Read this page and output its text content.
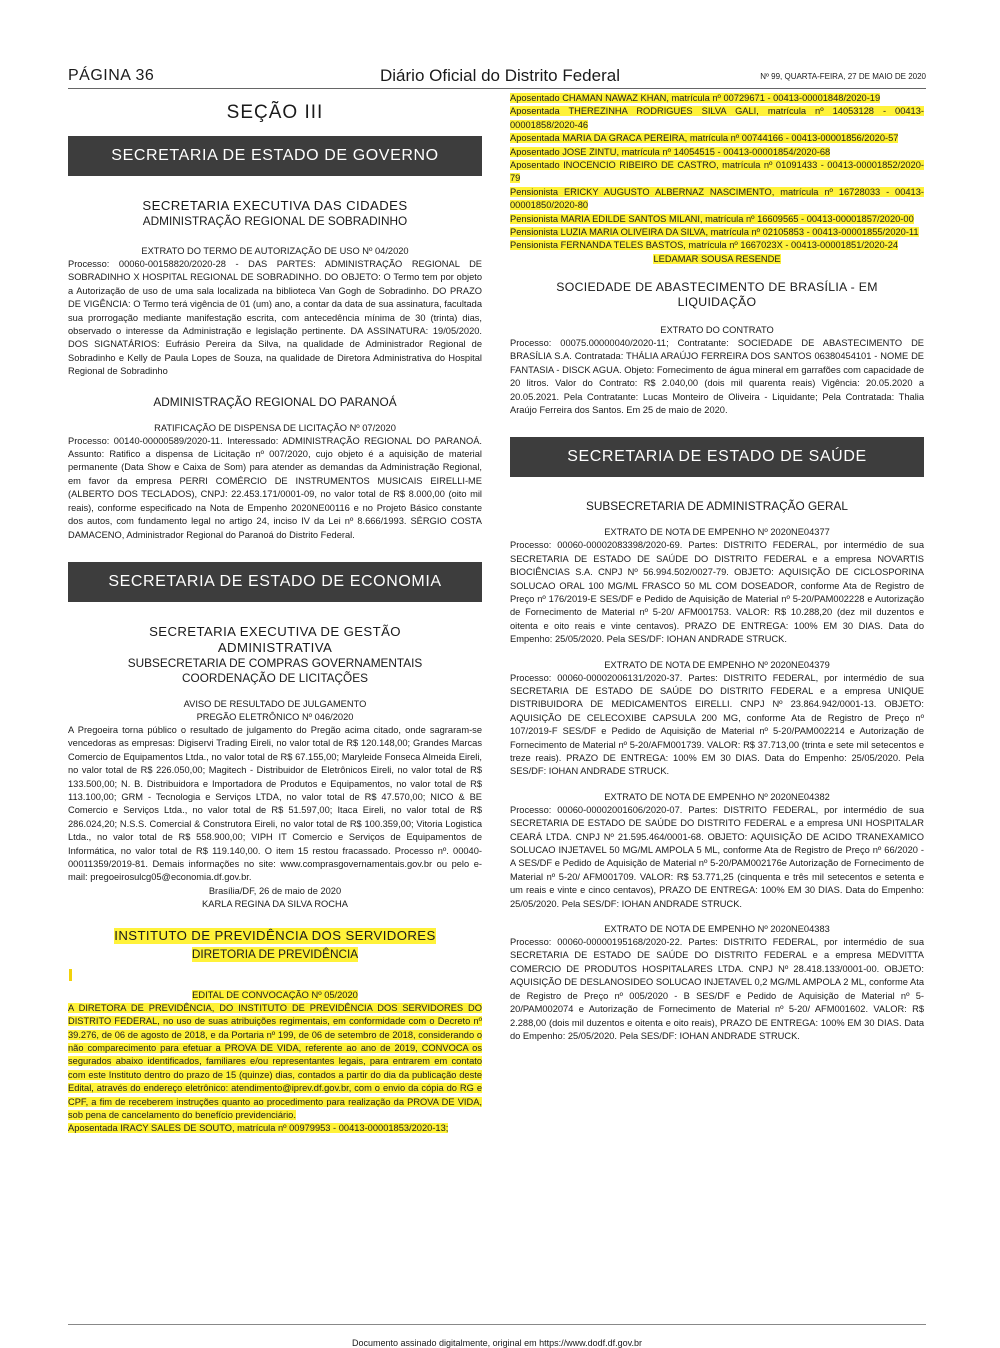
PÁGINA 36	Diário Oficial do Distrito Federal	Nº 99, QUARTA-FEIRA, 27 DE MAIO DE 2020
SEÇÃO III
SECRETARIA DE ESTADO DE GOVERNO

SECRETARIA EXECUTIVA DAS CIDADES

ADMINISTRAÇÃO REGIONAL DE SOBRADINHO

EXTRATO DO TERMO DE AUTORIZAÇÃO DE USO Nº 04/2020

Processo: 00060-00158820/2020-28 - DAS PARTES: ADMINISTRAÇÃO REGIONAL DE SOBRADINHO X HOSPITAL REGIONAL DE SOBRADINHO. DO OBJETO: O Termo tem por objeto a Autorização de uso de uma sala localizada na biblioteca Van Gogh de Sobradinho. DO PRAZO DE VIGÊNCIA: O Termo terá vigência de 01 (um) ano, a contar da data de sua assinatura, facultada sua prorrogação mediante manifestação escrita, com antecedência mínima de 30 (trinta) dias, observado o interesse da Administração e legislação pertinente. DA ASSINATURA: 19/05/2020. DOS SIGNATÁRIOS: Eufrásio Pereira da Silva, na qualidade de Administrador Regional de Sobradinho e Kelly de Paula Lopes de Souza, na qualidade de Diretora Administrativa do Hospital Regional de Sobradinho

ADMINISTRAÇÃO REGIONAL DO PARANOÁ

RATIFICAÇÃO DE DISPENSA DE LICITAÇÃO Nº 07/2020

Processo: 00140-00000589/2020-11. Interessado: ADMINISTRAÇÃO REGIONAL DO PARANOÁ. Assunto: Ratifico a dispensa de Licitação nº 007/2020, cujo objeto é a aquisição de material permanente (Data Show e Caixa de Som) para atender as demandas da Administração Regional, em favor da empresa PERRI COMÉRCIO DE INSTRUMENTOS MUSICAIS EIRELLI-ME (ALBERTO DOS TECLADOS), CNPJ: 22.453.171/0001-09, no valor total de R$ 8.000,00 (oito mil reais), conforme especificado na Nota de Empenho 2020NE00116 e no Projeto Básico constante dos autos, com fundamento legal no artigo 24, inciso IV da Lei nº 8.666/1993. SÉRGIO COSTA DAMACENO, Administrador Regional do Paranoá do Distrito Federal.

SECRETARIA DE ESTADO DE ECONOMIA

SECRETARIA EXECUTIVA DE GESTÃO

ADMINISTRATIVA

SUBSECRETARIA DE COMPRAS GOVERNAMENTAIS

COORDENAÇÃO DE LICITAÇÕES

AVISO DE RESULTADO DE JULGAMENTO

PREGÃO ELETRÔNICO Nº 046/2020

A Pregoeira torna público o resultado de julgamento do Pregão acima citado, onde sagraram-se vencedoras as empresas: Digiservi Trading Eireli, no valor total de R$ 120.148,00; Grandes Marcas Comercio de Equipamentos Ltda., no valor total de R$ 67.155,00; Maryleide Fonseca Almeida Eireli, no valor total de R$ 226.050,00; Magitech - Distribuidor de Eletrônicos Eireli, no valor total de R$ 133.500,00; N. B. Distribuidora e Importadora de Produtos e Equipamentos, no valor total de R$ 113.100,00; GRM - Tecnologia e Serviços LTDA, no valor total de R$ 47.570,00; NICO & BE Comercio e Serviços Ltda., no valor total de R$ 51.597,00; Itaca Eireli, no valor total de R$ 286.024,20; N.S.S. Comercial & Construtora Eireli, no valor total de R$ 100.359,00; Vitoria Logistica Ltda., no valor total de R$ 558.900,00; VIPH IT Comercio e Serviços de Equipamentos de Informática, no valor total de R$ 119.140,00. O item 15 restou fracassado. Processo nº. 00040-00011359/2019-81. Demais informações no site: www.comprasgovernamentais.gov.br ou pelo e-mail: pregoeirosulcg05@economia.df.gov.br.

Brasília/DF, 26 de maio de 2020

KARLA REGINA DA SILVA ROCHA

INSTITUTO DE PREVIDÊNCIA DOS SERVIDORES
DIRETORIA DE PREVIDÊNCIA

EDITAL DE CONVOCAÇÃO Nº 05/2020

A DIRETORA DE PREVIDÊNCIA, DO INSTITUTO DE PREVIDÊNCIA DOS SERVIDORES DO DISTRITO FEDERAL, no uso de suas atribuições regimentais, em conformidade com o Decreto nº 39.276, de 06 de agosto de 2018, e da Portaria nº 199, de 06 de setembro de 2018, considerando o não comparecimento para efetuar a PROVA DE VIDA, referente ao ano de 2019, CONVOCA os segurados abaixo identificados, familiares e/ou representantes legais, para entrarem em contato com este Instituto dentro do prazo de 15 (quinze) dias, contados a partir do dia da publicação deste Edital, através do endereço eletrônico: atendimento@iprev.df.gov.br, com o envio da cópia do RG e CPF, a fim de receberem instruções quanto ao procedimento para realização da PROVA DE VIDA, sob pena de cancelamento do benefício previdenciário.

Aposentada IRACY SALES DE SOUTO, matrícula nº 00979953 - 00413-00001853/2020-13;

Aposentado CHAMAN NAWAZ KHAN, matrícula nº 00729671 - 00413-00001848/2020-19

Aposentada THEREZINHA RODRIGUES SILVA GALI, matrícula nº 14053128 - 00413-00001858/2020-46

Aposentada MARIA DA GRACA PEREIRA, matrícula nº 00744166 - 00413-00001856/2020-57

Aposentado JOSE ZINTU, matrícula nº 14054515 - 00413-00001854/2020-68

Aposentado INOCENCIO RIBEIRO DE CASTRO, matrícula nº 01091433 - 00413-00001852/2020-79

Pensionista ERICKY AUGUSTO ALBERNAZ NASCIMENTO, matrícula nº 16728033 - 00413-00001850/2020-80

Pensionista MARIA EDILDE SANTOS MILANI, matrícula nº 16609565 - 00413-00001857/2020-00

Pensionista LUZIA MARIA OLIVEIRA DA SILVA, matrícula nº 02105853 - 00413-00001855/2020-11

Pensionista FERNANDA TELES BASTOS, matrícula nº 1667023X - 00413-00001851/2020-24

LEDAMAR SOUSA RESENDE

SOCIEDADE DE ABASTECIMENTO DE BRASÍLIA - EM

LIQUIDAÇÃO

EXTRATO DO CONTRATO

Processo: 00075.00000040/2020-11; Contratante: SOCIEDADE DE ABASTECIMENTO DE BRASÍLIA S.A. Contratada: THÁLIA ARAÚJO FERREIRA DOS SANTOS 06380454101 - NOME DE FANTASIA - DISCK AGUA. Objeto: Fornecimento de água mineral em garrafões com capacidade de 20 litros. Valor do Contrato: R$ 2.040,00 (dois mil quarenta reais) Vigência: 20.05.2020 a 20.05.2021. Pela Contratante: Lucas Monteiro de Oliveira - Liquidante; Pela Contratada: Thalia Araújo Ferreira dos Santos. Em 25 de maio de 2020.

SECRETARIA DE ESTADO DE SAÚDE

SUBSECRETARIA DE ADMINISTRAÇÃO GERAL

EXTRATO DE NOTA DE EMPENHO Nº 2020NE04377

Processo: 00060-00002083398/2020-69. Partes: DISTRITO FEDERAL, por intermédio de sua SECRETARIA DE ESTADO DE SAÚDE DO DISTRITO FEDERAL e a empresa NOVARTIS BIOCIÊNCIAS S.A. CNPJ Nº 56.994.502/0027-79. OBJETO: AQUISIÇÃO DE CICLOSPORINA SOLUCAO ORAL 100 MG/ML FRASCO 50 ML COM DOSEADOR, conforme Ata de Registro de Preço nº 176/2019-E SES/DF e Pedido de Aquisição de Material nº 5-20/PAM002228 e Autorização de Fornecimento de Material nº 5-20/ AFM001753. VALOR: R$ 10.288,20 (dez mil duzentos e oitenta e oito reais e vinte centavos). PRAZO DE ENTREGA: 100% EM 30 DIAS. Data do Empenho: 25/05/2020. Pela SES/DF: IOHAN ANDRADE STRUCK.

EXTRATO DE NOTA DE EMPENHO Nº 2020NE04379

Processo: 00060-00002006131/2020-37. Partes: DISTRITO FEDERAL, por intermédio de sua SECRETARIA DE ESTADO DE SAÚDE DO DISTRITO FEDERAL e a empresa UNIQUE DISTRIBUIDORA DE MEDICAMENTOS EIRELLI. CNPJ Nº 23.864.942/0001-13. OBJETO: AQUISIÇÃO DE CELECOXIBE CAPSULA 200 MG, conforme Ata de Registro de Preço nº 107/2019-F SES/DF e Pedido de Aquisição de Material nº 5-20/PAM002214 e Autorização de Fornecimento de Material nº 5-20/AFM001739. VALOR: R$ 37.713,00 (trinta e sete mil setecentos e treze reais). PRAZO DE ENTREGA: 100% EM 30 DIAS. Data do Empenho: 25/05/2020. Pela SES/DF: IOHAN ANDRADE STRUCK.

EXTRATO DE NOTA DE EMPENHO Nº 2020NE04382

Processo: 00060-00002001606/2020-07. Partes: DISTRITO FEDERAL, por intermédio de sua SECRETARIA DE ESTADO DE SAÚDE DO DISTRITO FEDERAL e a empresa UNI HOSPITALAR CEARÁ LTDA. CNPJ Nº 21.595.464/0001-68. OBJETO: AQUISIÇÃO DE ACIDO TRANEXAMICO SOLUCAO INJETAVEL 50 MG/ML AMPOLA 5 ML, conforme Ata de Registro de Preço nº 66/2020 - A SES/DF e Pedido de Aquisição de Material nº 5-20/PAM002176e Autorização de Fornecimento de Material nº 5-20/ AFM001709. VALOR: R$ 53.771,25 (cinquenta e três mil setecentos e setenta e um reais e vinte e cinco centavos), PRAZO DE ENTREGA: 100% EM 30 DIAS. Data do Empenho: 25/05/2020. Pela SES/DF: IOHAN ANDRADE STRUCK.

EXTRATO DE NOTA DE EMPENHO Nº 2020NE04383

Processo: 00060-00000195168/2020-22. Partes: DISTRITO FEDERAL, por intermédio de sua SECRETARIA DE ESTADO DE SAÚDE DO DISTRITO FEDERAL e a empresa MEDVITTA COMERCIO DE PRODUTOS HOSPITALARES LTDA. CNPJ Nº 28.418.133/0001-00. OBJETO: AQUISIÇÃO DE DESLANOSIDEO SOLUCAO INJETAVEL 0,2 MG/ML AMPOLA 2 ML, conforme Ata de Registro de Preço nº 005/2020 - B SES/DF e Pedido de Aquisição de Material nº 5-20/PAM002074 e Autorização de Fornecimento de Material nº 5-20/ AFM001602. VALOR: R$ 2.288,00 (dois mil duzentos e oitenta e oito reais), PRAZO DE ENTREGA: 100% EM 30 DIAS. Data do Empenho: 25/05/2020. Pela SES/DF: IOHAN ANDRADE STRUCK.

Documento assinado digitalmente, original em https://www.dodf.df.gov.br
